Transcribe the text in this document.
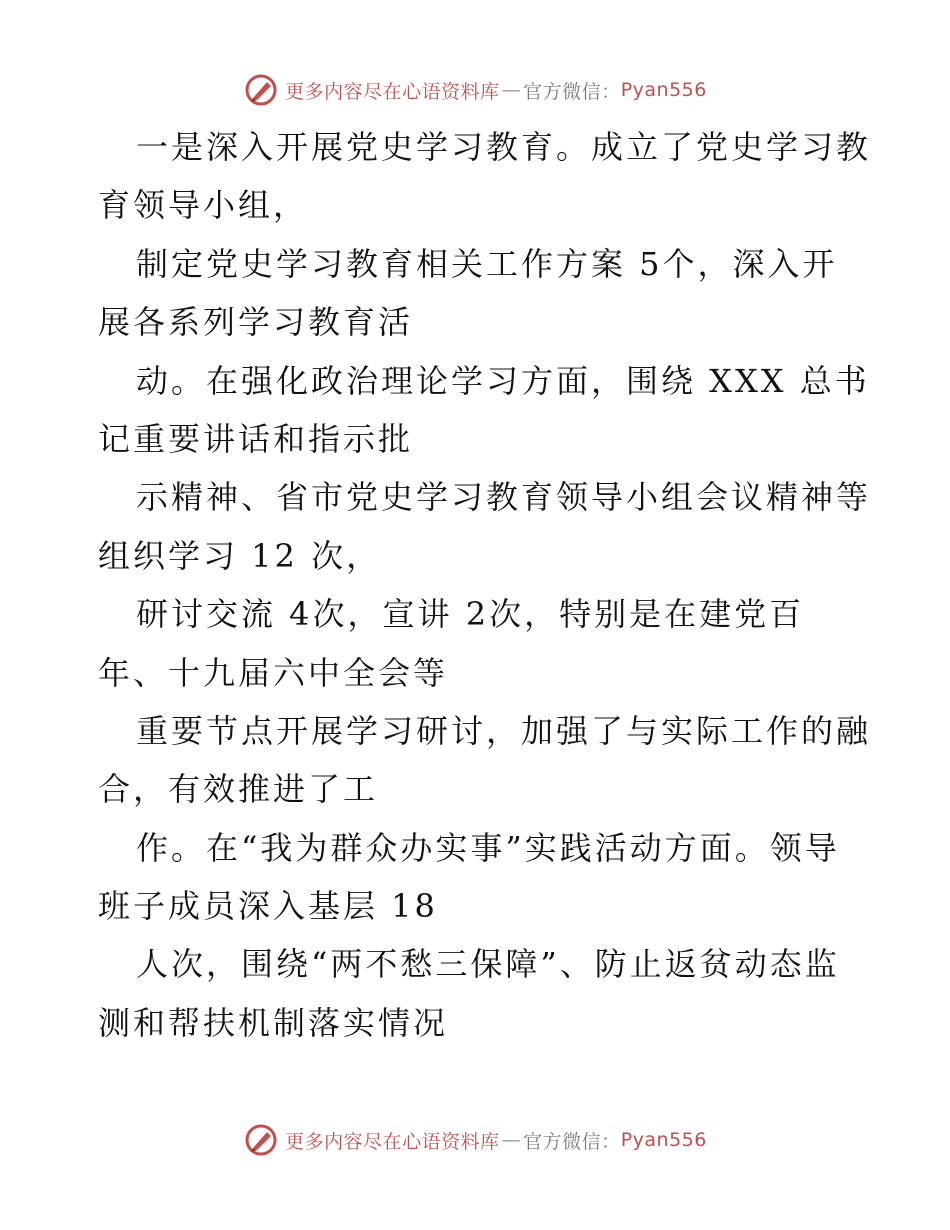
更多内容尽在心语资料库 — 官方微信： Pyan556
一是深入开展党史学习教育。成立了党史学习教
育领导小组，
制定党史学习教育相关工作方案 5个，深入开
展各系列学习教育活
动。在强化政治理论学习方面，围绕 XXX 总书
记重要讲话和指示批
示精神、省市党史学习教育领导小组会议精神等
组织学习 12 次，
研讨交流 4次，宣讲 2次，特别是在建党百
年、十九届六中全会等
重要节点开展学习研讨，加强了与实际工作的融
合，有效推进了工
作。在“我为群众办实事”实践活动方面。领导
班子成员深入基层 18
人次，围绕“两不愁三保障”、防止返贫动态监
测和帮扶机制落实情况
更多内容尽在心语资料库 — 官方微信： Pyan556
